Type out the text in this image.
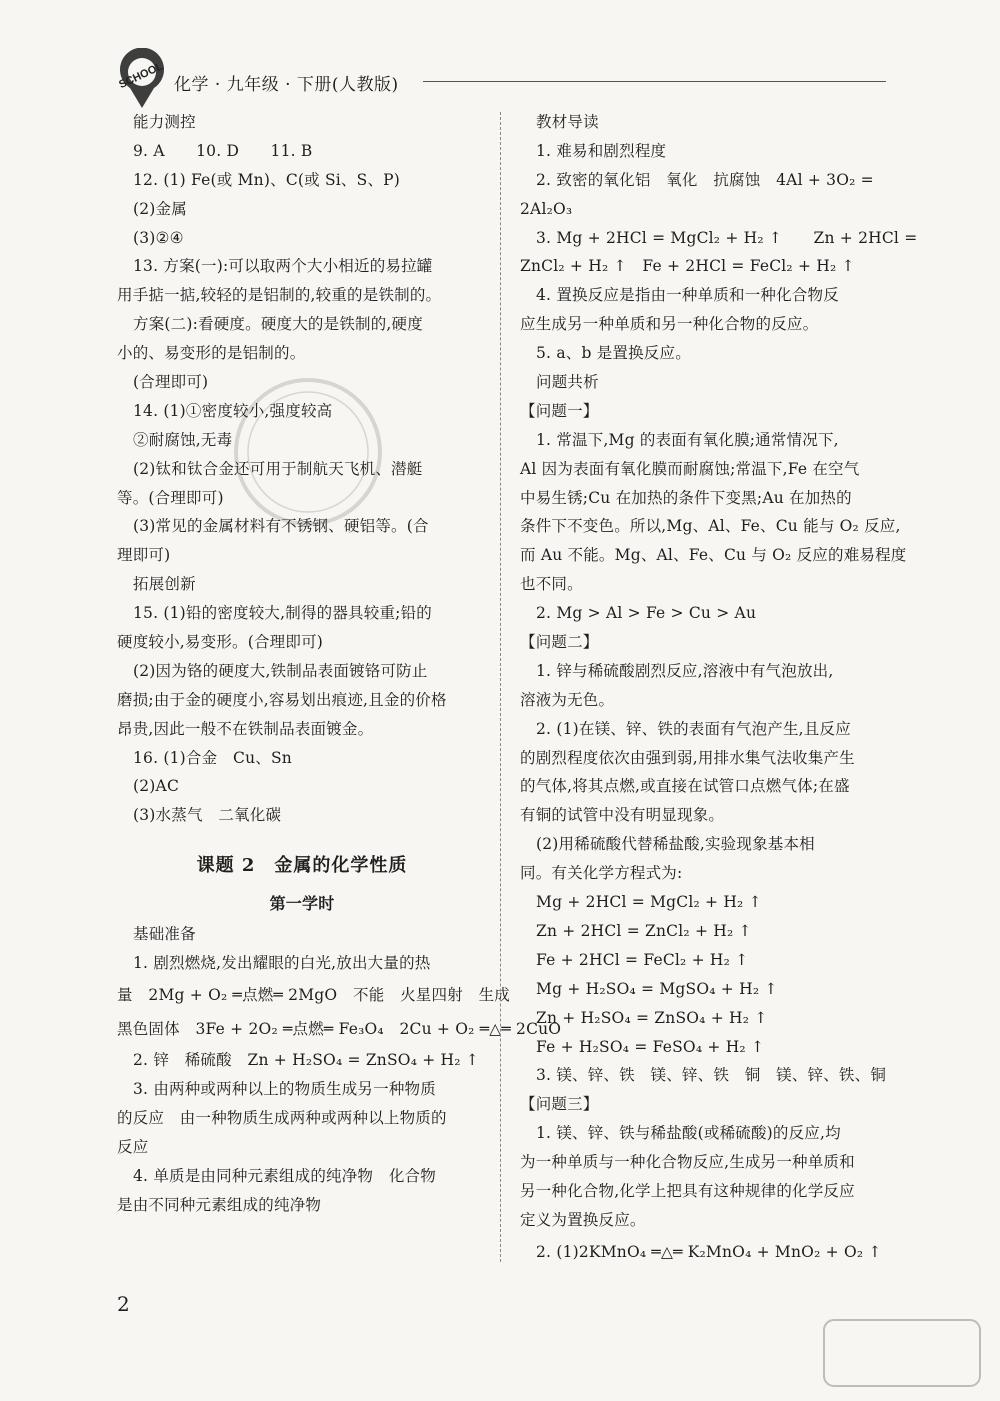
SCHOOL 化学 · 九年级 · 下册(人教版)
能力测控
9. A　　10. D　　11. B
12. (1) Fe(或 Mn)、C(或 Si、S、P)
(2)金属
(3)②④
13. 方案(一):可以取两个大小相近的易拉罐
用手掂一掂,较轻的是铝制的,较重的是铁制的。
方案(二):看硬度。硬度大的是铁制的,硬度
小的、易变形的是铝制的。
(合理即可)
14. (1)①密度较小,强度较高
②耐腐蚀,无毒
(2)钛和钛合金还可用于制航天飞机、潜艇
等。(合理即可)
(3)常见的金属材料有不锈钢、硬铝等。(合
理即可)
拓展创新
15. (1)铅的密度较大,制得的器具较重;铅的
硬度较小,易变形。(合理即可)
(2)因为铬的硬度大,铁制品表面镀铬可防止
磨损;由于金的硬度小,容易划出痕迹,且金的价格
昂贵,因此一般不在铁制品表面镀金。
16. (1)合金　Cu、Sn
(2)AC
(3)水蒸气　二氧化碳
课题 2　金属的化学性质
第一学时
基础准备
1. 剧烈燃烧,发出耀眼的白光,放出大量的热
量　2Mg + O₂ ═点燃═ 2MgO　不能　火星四射　生成
黑色固体　3Fe + 2O₂ ═点燃═ Fe₃O₄　2Cu + O₂ ═△═ 2CuO
2. 锌　稀硫酸　Zn + H₂SO₄ = ZnSO₄ + H₂ ↑
3. 由两种或两种以上的物质生成另一种物质
的反应　由一种物质生成两种或两种以上物质的
反应
4. 单质是由同种元素组成的纯净物　化合物
是由不同种元素组成的纯净物
教材导读
1. 难易和剧烈程度
2. 致密的氧化铝　氧化　抗腐蚀　4Al + 3O₂ =
2Al₂O₃
3. Mg + 2HCl = MgCl₂ + H₂ ↑　　Zn + 2HCl =
ZnCl₂ + H₂ ↑　Fe + 2HCl = FeCl₂ + H₂ ↑
4. 置换反应是指由一种单质和一种化合物反
应生成另一种单质和另一种化合物的反应。
5. a、b 是置换反应。
问题共析
【问题一】
1. 常温下,Mg 的表面有氧化膜;通常情况下,
Al 因为表面有氧化膜而耐腐蚀;常温下,Fe 在空气
中易生锈;Cu 在加热的条件下变黑;Au 在加热的
条件下不变色。所以,Mg、Al、Fe、Cu 能与 O₂ 反应,
而 Au 不能。Mg、Al、Fe、Cu 与 O₂ 反应的难易程度
也不同。
2. Mg > Al > Fe > Cu > Au
【问题二】
1. 锌与稀硫酸剧烈反应,溶液中有气泡放出,
溶液为无色。
2. (1)在镁、锌、铁的表面有气泡产生,且反应
的剧烈程度依次由强到弱,用排水集气法收集产生
的气体,将其点燃,或直接在试管口点燃气体;在盛
有铜的试管中没有明显现象。
(2)用稀硫酸代替稀盐酸,实验现象基本相
同。有关化学方程式为:
Mg + 2HCl = MgCl₂ + H₂ ↑
Zn + 2HCl = ZnCl₂ + H₂ ↑
Fe + 2HCl = FeCl₂ + H₂ ↑
Mg + H₂SO₄ = MgSO₄ + H₂ ↑
Zn + H₂SO₄ = ZnSO₄ + H₂ ↑
Fe + H₂SO₄ = FeSO₄ + H₂ ↑
3. 镁、锌、铁　镁、锌、铁　铜　镁、锌、铁、铜
【问题三】
1. 镁、锌、铁与稀盐酸(或稀硫酸)的反应,均
为一种单质与一种化合物反应,生成另一种单质和
另一种化合物,化学上把具有这种规律的化学反应
定义为置换反应。
2. (1)2KMnO₄ ═△═ K₂MnO₄ + MnO₂ + O₂ ↑
2
